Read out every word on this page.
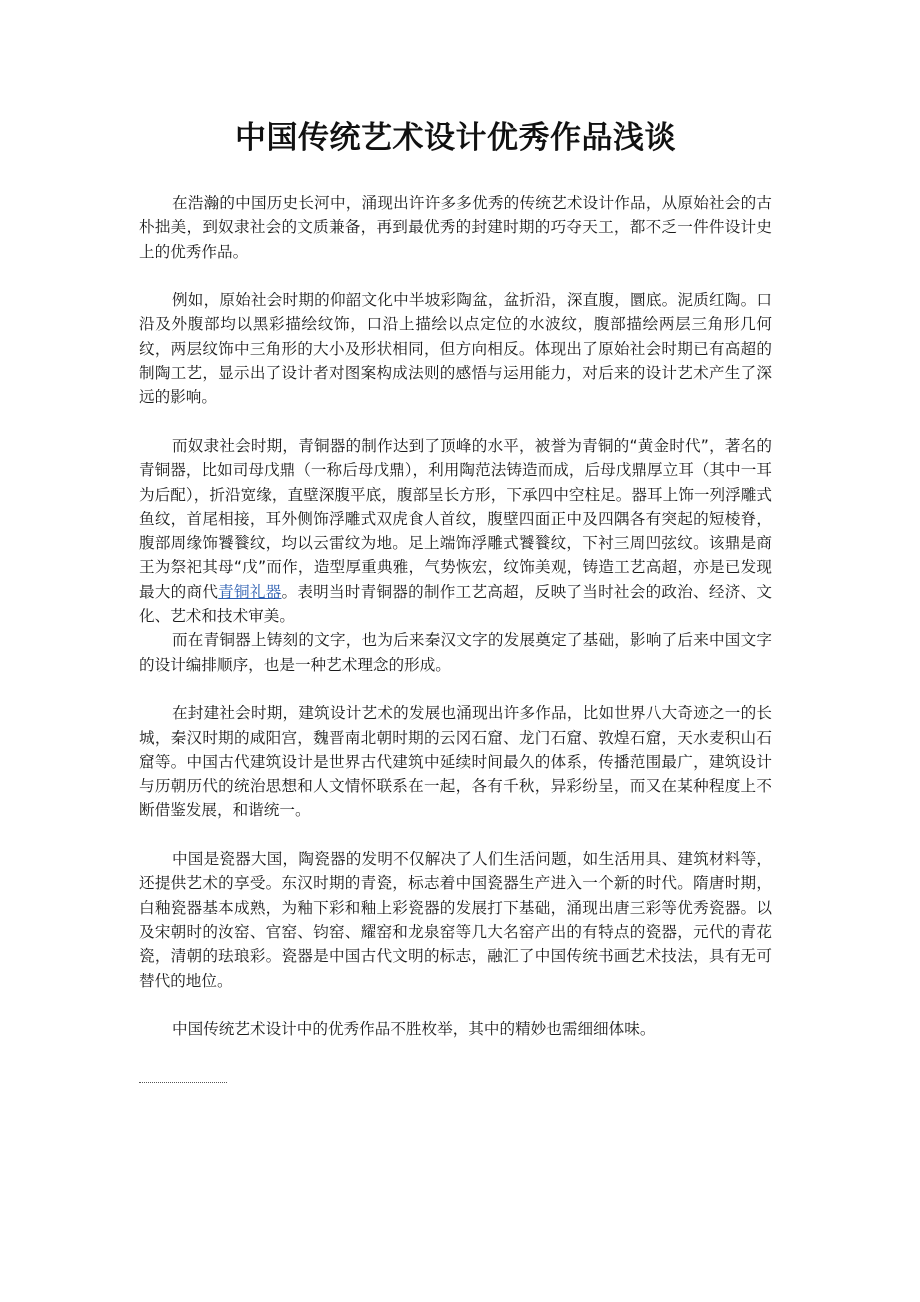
中国传统艺术设计优秀作品浅谈

在浩瀚的中国历史长河中，涌现出许许多多优秀的传统艺术设计作品，从原始社会的古朴拙美，到奴隶社会的文质兼备，再到最优秀的封建时期的巧夺天工，都不乏一件件设计史上的优秀作品。

例如，原始社会时期的仰韶文化中半坡彩陶盆，盆折沿，深直腹，圜底。泥质红陶。口沿及外腹部均以黑彩描绘纹饰，口沿上描绘以点定位的水波纹，腹部描绘两层三角形几何纹，两层纹饰中三角形的大小及形状相同，但方向相反。体现出了原始社会时期已有高超的制陶工艺，显示出了设计者对图案构成法则的感悟与运用能力，对后来的设计艺术产生了深远的影响。

而奴隶社会时期，青铜器的制作达到了顶峰的水平，被誉为青铜的“黄金时代”，著名的青铜器，比如司母戊鼎（一称后母戊鼎），利用陶范法铸造而成，后母戊鼎厚立耳（其中一耳为后配），折沿宽缘，直壁深腹平底，腹部呈长方形，下承四中空柱足。器耳上饰一列浮雕式鱼纹，首尾相接，耳外侧饰浮雕式双虎食人首纹，腹壁四面正中及四隅各有突起的短棱脊，腹部周缘饰饕餮纹，均以云雷纹为地。足上端饰浮雕式饕餮纹，下衬三周凹弦纹。该鼎是商王为祭祀其母“戊”而作，造型厚重典雅，气势恢宏，纹饰美观，铸造工艺高超，亦是已发现最大的商代青铜礼器。表明当时青铜器的制作工艺高超，反映了当时社会的政治、经济、文化、艺术和技术审美。

而在青铜器上铸刻的文字，也为后来秦汉文字的发展奠定了基础，影响了后来中国文字的设计编排顺序，也是一种艺术理念的形成。

在封建社会时期，建筑设计艺术的发展也涌现出许多作品，比如世界八大奇迹之一的长城，秦汉时期的咸阳宫，魏晋南北朝时期的云冈石窟、龙门石窟、敦煌石窟，天水麦积山石窟等。中国古代建筑设计是世界古代建筑中延续时间最久的体系，传播范围最广，建筑设计与历朝历代的统治思想和人文情怀联系在一起，各有千秋，异彩纷呈，而又在某种程度上不断借鉴发展，和谐统一。

中国是瓷器大国，陶瓷器的发明不仅解决了人们生活问题，如生活用具、建筑材料等，还提供艺术的享受。东汉时期的青瓷，标志着中国瓷器生产进入一个新的时代。隋唐时期，白釉瓷器基本成熟，为釉下彩和釉上彩瓷器的发展打下基础，涌现出唐三彩等优秀瓷器。以及宋朝时的汝窑、官窑、钧窑、耀窑和龙泉窑等几大名窑产出的有特点的瓷器，元代的青花瓷，清朝的珐琅彩。瓷器是中国古代文明的标志，融汇了中国传统书画艺术技法，具有无可替代的地位。

中国传统艺术设计中的优秀作品不胜枚举，其中的精妙也需细细体味。
